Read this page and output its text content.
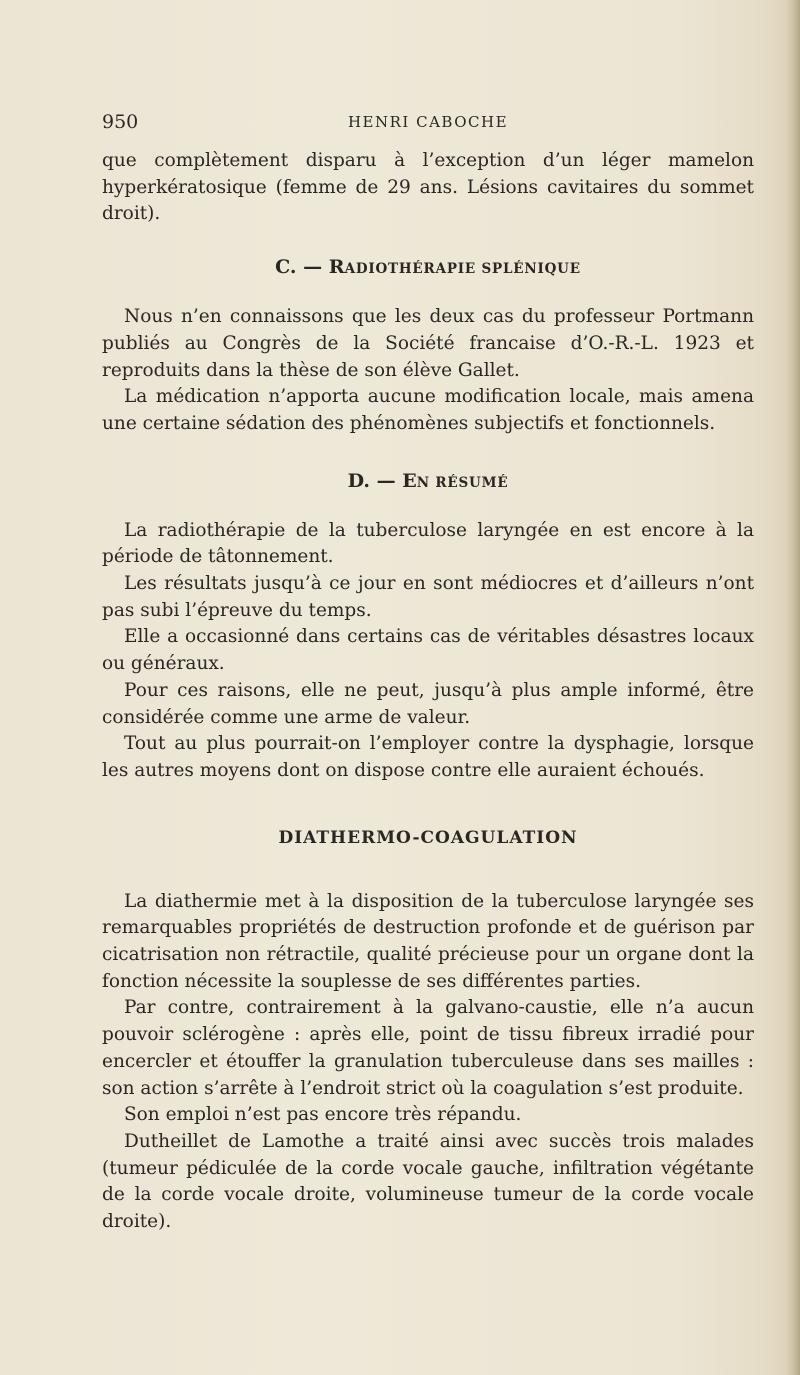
950	HENRI CABOCHE

que complètement disparu à l’exception d’un léger mamelon hyperkératosique (femme de 29 ans. Lésions cavitaires du sommet droit).

C. — RADIOTHÉRAPIE SPLÉNIQUE

Nous n’en connaissons que les deux cas du professeur Portmann publiés au Congrès de la Société francaise d’O.-R.-L. 1923 et reproduits dans la thèse de son élève Gallet.

La médication n’apporta aucune modification locale, mais amena une certaine sédation des phénomènes subjectifs et fonctionnels.

D. — EN RÉSUMÉ

La radiothérapie de la tuberculose laryngée en est encore à la période de tâtonnement.

Les résultats jusqu’à ce jour en sont médiocres et d’ailleurs n’ont pas subi l’épreuve du temps.

Elle a occasionné dans certains cas de véritables désastres locaux ou généraux.

Pour ces raisons, elle ne peut, jusqu’à plus ample informé, être considérée comme une arme de valeur.

Tout au plus pourrait-on l’employer contre la dysphagie, lorsque les autres moyens dont on dispose contre elle auraient échoués.

DIATHERMO-COAGULATION

La diathermie met à la disposition de la tuberculose laryngée ses remarquables propriétés de destruction profonde et de guérison par cicatrisation non rétractile, qualité précieuse pour un organe dont la fonction nécessite la souplesse de ses différentes parties.

Par contre, contrairement à la galvano-caustie, elle n’a aucun pouvoir sclérogène : après elle, point de tissu fibreux irradié pour encercler et étouffer la granulation tuberculeuse dans ses mailles : son action s’arrête à l’endroit strict où la coagulation s’est produite.

Son emploi n’est pas encore très répandu.

Dutheillet de Lamothe a traité ainsi avec succès trois malades (tumeur pédiculée de la corde vocale gauche, infiltration végétante de la corde vocale droite, volumineuse tumeur de la corde vocale droite).
